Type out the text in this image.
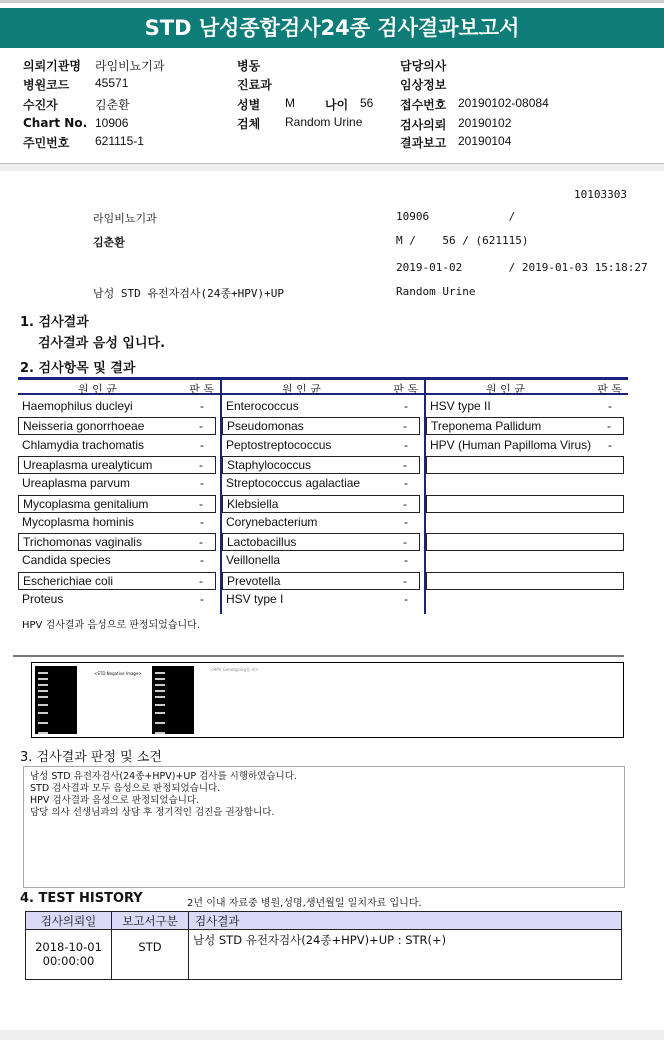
STD 남성종합검사24종 검사결과보고서
의뢰기관명 라임비뇨기과
병원코드 45571
수진자	김춘환
Chart No. 10906
주민번호 621115-1
병동
진료과
성별 M	나이 56
검체 Random Urine
담당의사
임상정보
접수번호 20190102-08084
검사의뢰 20190102
결과보고 20190104
10103303
라임비뇨기과	10906            /
김춘환	M /    56 / (621115)
2019-01-02       / 2019-01-03 15:18:27
남성 STD 유전자검사(24종+HPV)+UP	Random Urine
1. 검사결과
검사결과 음성 입니다.
2. 검사항목 및 결과
원 인 균	판 독
Haemophilus ducleyi	-
Neisseria gonorrhoeae	-
Chlamydia trachomatis	-
Ureaplasma urealyticum	-
Ureaplasma parvum	-
Mycoplasma genitalium	-
Mycoplasma hominis	-
Trichomonas vaginalis	-
Candida species	-
Escherichiae coli	-
Proteus	-
원 인 균	판 독
Enterococcus	-
Pseudomonas	-
Peptostreptococcus	-
Staphylococcus	-
Streptococcus agalactiae	-
Klebsiella	-
Corynebacterium	-
Lactobacillus	-
Veillonella	-
Prevotella	-
HSV type I	-
원 인 균	판 독
HSV type II	-
Treponema Pallidum	-
HPV (Human Papilloma Virus) -
HPV 검사결과 음성으로 판정되었습니다.
<STD Negative Image>
<HPV Genotyping결 과>
3. 검사결과 판정 및 소견
남성 STD 유전자검사(24종+HPV)+UP 검사를 시행하였습니다.
STD 검사결과 모두 음성으로 판정되었습니다.
HPV 검사결과 음성으로 판정되었습니다.
담당 의사 선생님과의 상담 후 정기적인 검진을 권장합니다.
4. TEST HISTORY	2년 이내 자료중 병원,성명,생년월일 일치자료 입니다.
검사의뢰일	보고서구분	검사결과

2018-10-01
00:00:00	STD	남성 STD 유전자검사(24종+HPV)+UP : STR(+)
